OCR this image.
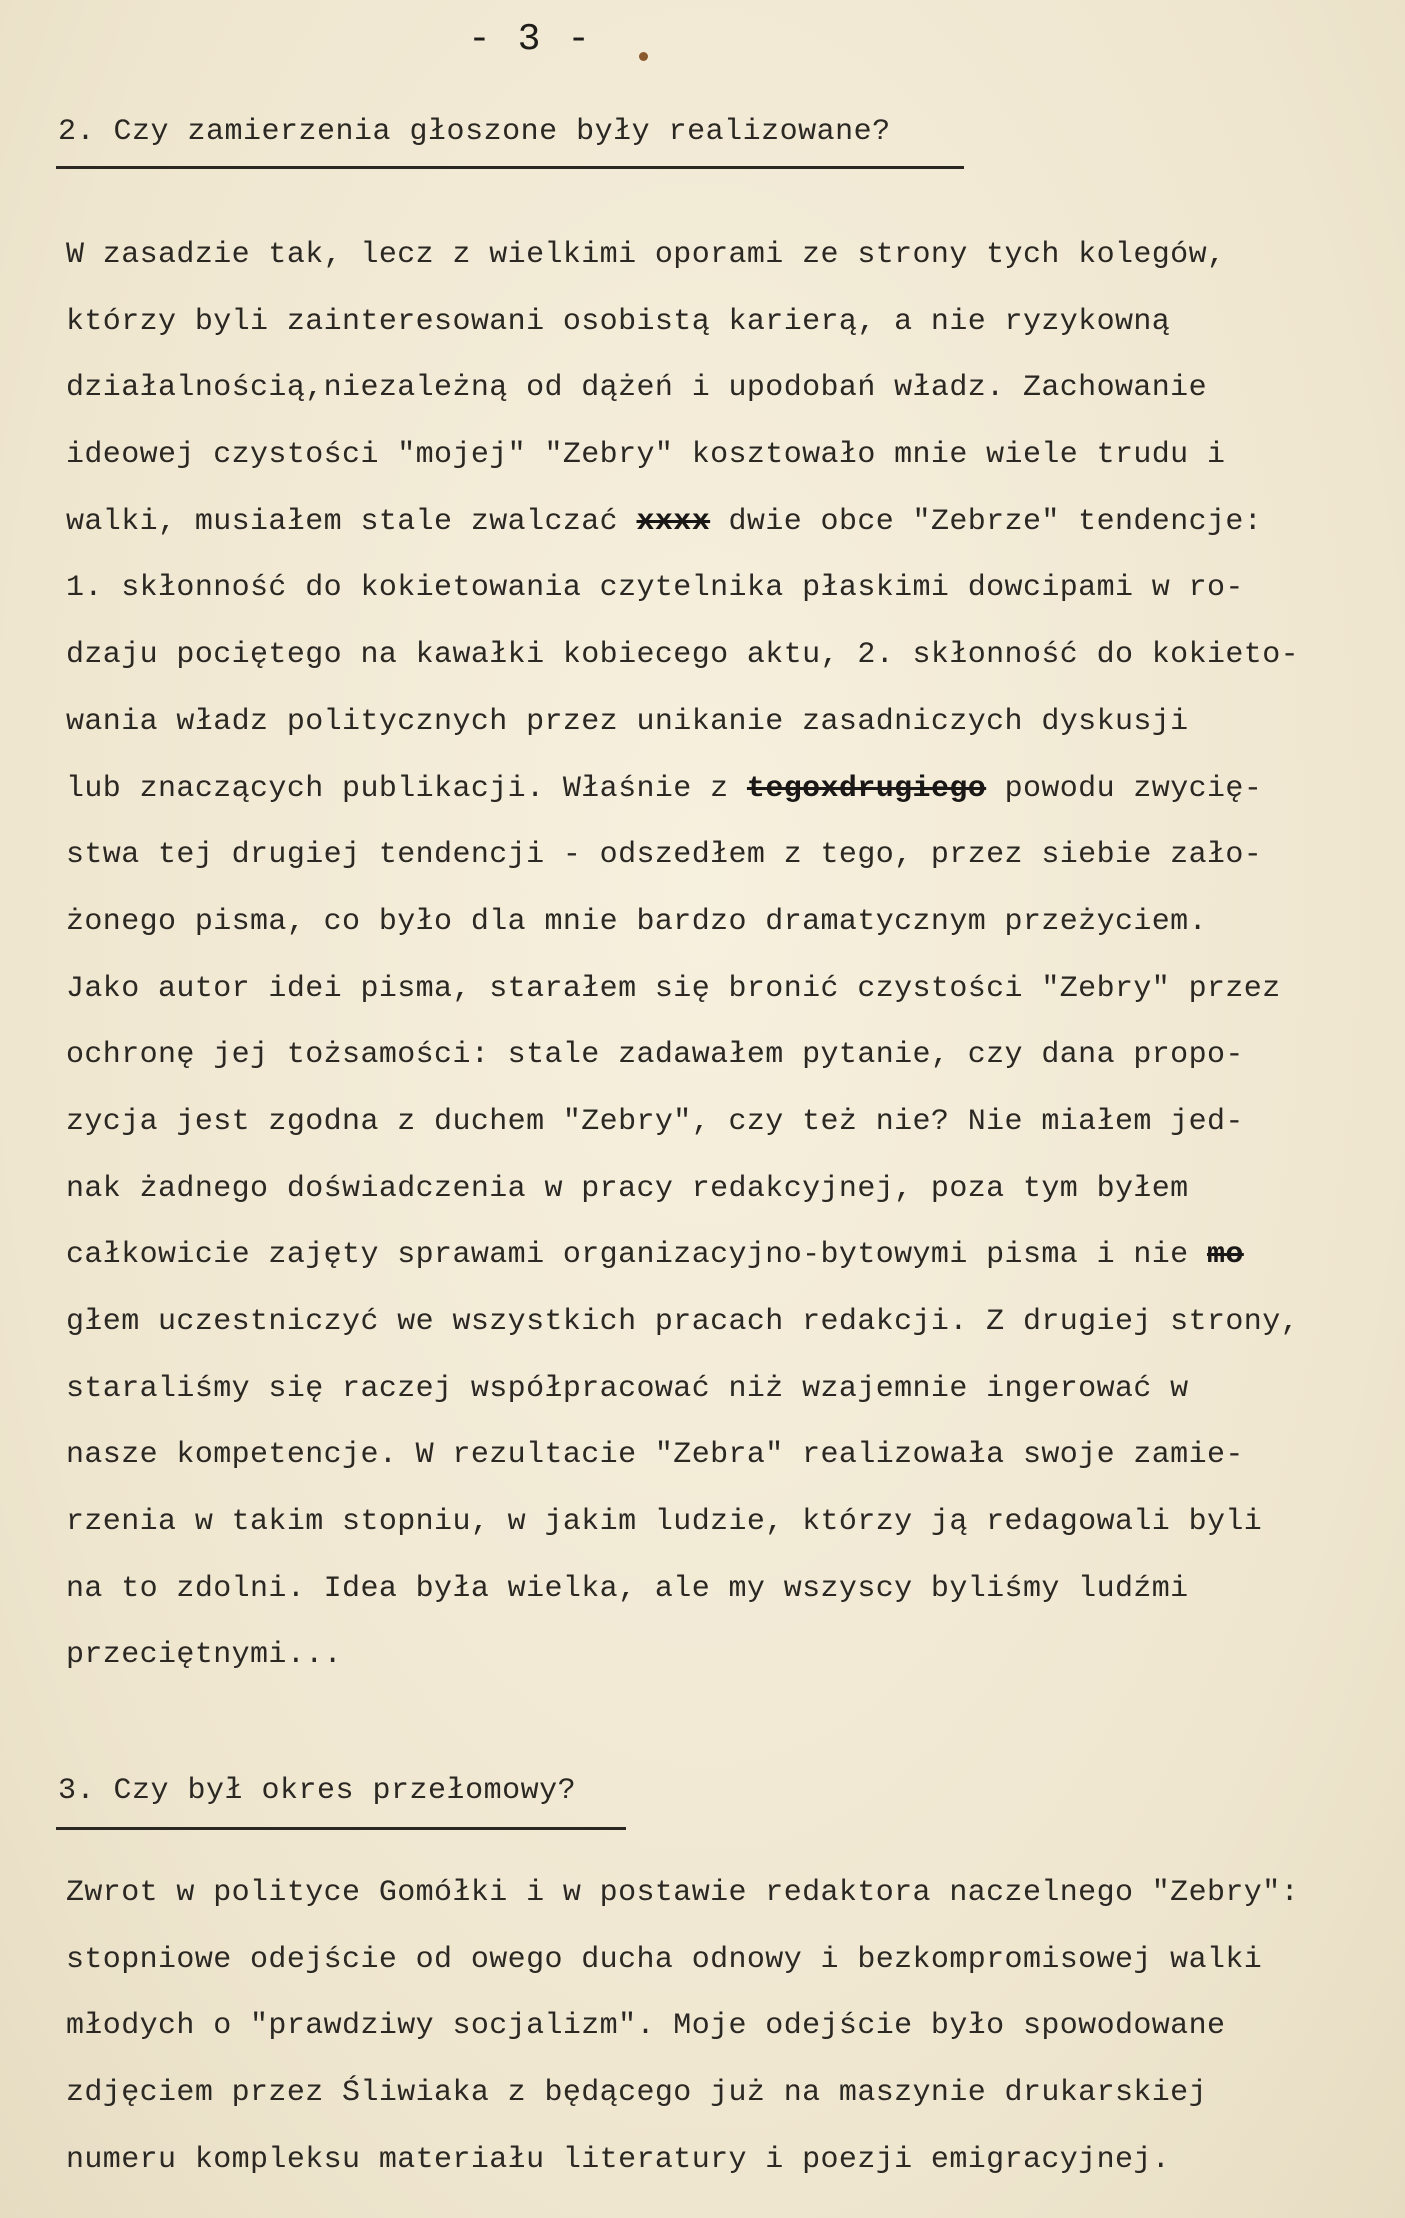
- 3 -
2. Czy zamierzenia głoszone były realizowane?
W zasadzie tak, lecz z wielkimi oporami ze strony tych kolegów,
którzy byli zainteresowani osobistą karierą, a nie ryzykowną
działalnością,niezależną od dążeń i upodobań władz. Zachowanie
ideowej czystości "mojej" "Zebry" kosztowało mnie wiele trudu i
walki, musiałem stale zwalczać xxxx dwie obce "Zebrze" tendencje:
1. skłonność do kokietowania czytelnika płaskimi dowcipami w ro-
dzaju pociętego na kawałki kobiecego aktu, 2. skłonność do kokieto-
wania władz politycznych przez unikanie zasadniczych dyskusji
lub znaczących publikacji. Właśnie z tegoxdrugiego powodu zwycię-
stwa tej drugiej tendencji - odszedłem z tego, przez siebie zało-
żonego pisma, co było dla mnie bardzo dramatycznym przeżyciem.
Jako autor idei pisma, starałem się bronić czystości "Zebry" przez
ochronę jej tożsamości: stale zadawałem pytanie, czy dana propo-
zycja jest zgodna z duchem "Zebry", czy też nie? Nie miałem jed-
nak żadnego doświadczenia w pracy redakcyjnej, poza tym byłem
całkowicie zajęty sprawami organizacyjno-bytowymi pisma i nie mo
głem uczestniczyć we wszystkich pracach redakcji. Z drugiej strony,
staraliśmy się raczej współpracować niż wzajemnie ingerować w
nasze kompetencje. W rezultacie "Zebra" realizowała swoje zamie-
rzenia w takim stopniu, w jakim ludzie, którzy ją redagowali byli
na to zdolni. Idea była wielka, ale my wszyscy byliśmy ludźmi
przeciętnymi...
3. Czy był okres przełomowy?
Zwrot w polityce Gomółki i w postawie redaktora naczelnego "Zebry":
stopniowe odejście od owego ducha odnowy i bezkompromisowej walki
młodych o "prawdziwy socjalizm". Moje odejście było spowodowane
zdjęciem przez Śliwiaka z będącego już na maszynie drukarskiej
numeru kompleksu materiału literatury i poezji emigracyjnej.
